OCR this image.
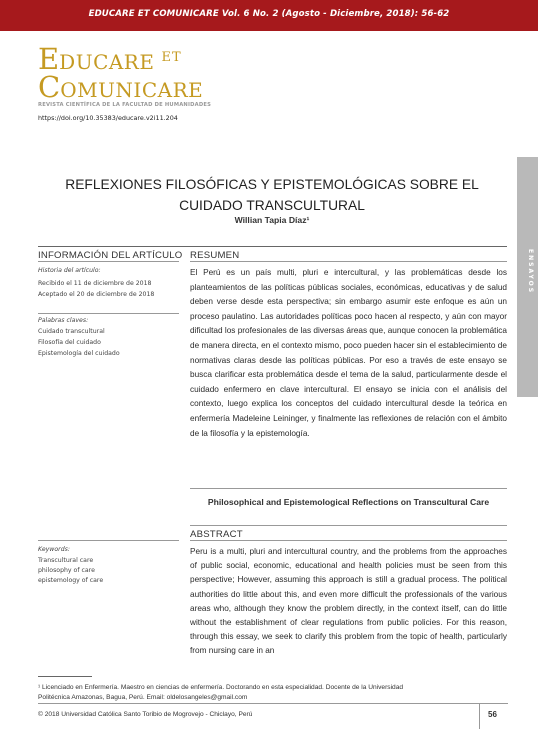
EDUCARE ET COMUNICARE Vol. 6 No. 2 (Agosto - Diciembre, 2018): 56-62
EDUCARE $^{ET}$
COMUNICARE
REVISTA CIENTÍFICA DE LA FACULTAD DE HUMANIDADES
https://doi.org/10.35383/educare.v2i11.204
ENSAYOS
REFLEXIONES FILOSÓFICAS Y EPISTEMOLÓGICAS SOBRE EL
CUIDADO TRANSCULTURAL
Willian Tapia Díaz¹
INFORMACIÓN DEL ARTÍCULO
Historia del artículo:
Recibido el 11 de diciembre de 2018
Aceptado el 20 de diciembre de 2018
Palabras claves:
Cuidado transcultural
Filosofía del cuidado
Epistemología del cuidado
Keywords:
Transcultural care
philosophy of care
epistemology of care
RESUMEN
El Perú es un país multi, pluri e intercultural, y las problemáticas desde los planteamientos de las políticas públicas sociales, económicas, educativas y de salud deben verse desde esta perspectiva; sin embargo asumir este enfoque es aún un proceso paulatino. Las autoridades políticas poco hacen al respecto, y aún con mayor dificultad los profesionales de las diversas áreas que, aunque conocen la problemática de manera directa, en el contexto mismo, poco pueden hacer sin el establecimiento de normativas claras desde las políticas públicas. Por eso a través de este ensayo se busca clarificar esta problemática desde el tema de la salud, particularmente desde el cuidado enfermero en clave intercultural. El ensayo se inicia con el análisis del contexto, luego explica los conceptos del cuidado intercultural desde la teórica en enfermería Madeleine Leininger, y finalmente las reflexiones de relación con el ámbito de la filosofía y la epistemología.
Philosophical and Epistemological Reflections on Transcultural Care
ABSTRACT
Peru is a multi, pluri and intercultural country, and the problems from the approaches of public social, economic, educational and health policies must be seen from this perspective; However, assuming this approach is still a gradual process. The political authorities do little about this, and even more difficult the professionals of the various areas who, although they know the problem directly, in the context itself, can do little without the establishment of clear regulations from public policies. For this reason, through this essay, we seek to clarify this problem from the topic of health, particularly from nursing care in an
¹ Licenciado en Enfermería. Maestro en ciencias de enfermería. Doctorando en esta especialidad. Docente de la Universidad
Politécnica Amazonas, Bagua, Perú. Email: oldelosangeles@gmail.com
© 2018 Universidad Católica Santo Toribio de Mogrovejo - Chiclayo, Perú	56
